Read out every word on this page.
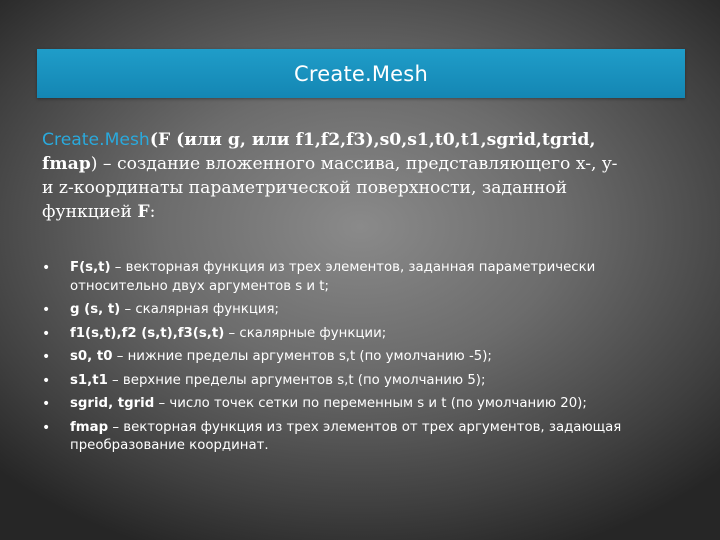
Create.Mesh
Create.Mesh(F (или g, или f1,f2,f3),s0,s1,t0,t1,sgrid,tgrid,
fmap) – создание вложенного массива, представляющего x-, y-
и z-координаты параметрической поверхности, заданной
функцией F:
• F(s,t) – векторная функция из трех элементов, заданная параметрически относительно двух аргументов s и t;
• g (s, t) – скалярная функция;
• f1(s,t),f2 (s,t),f3(s,t) – скалярные функции;
• s0, t0 – нижние пределы аргументов s,t (по умолчанию -5);
• s1,t1 – верхние пределы аргументов s,t (по умолчанию 5);
• sgrid, tgrid – число точек сетки по переменным s и t (по умолчанию 20);
• fmap – векторная функция из трех элементов от трех аргументов, задающая преобразование координат.
